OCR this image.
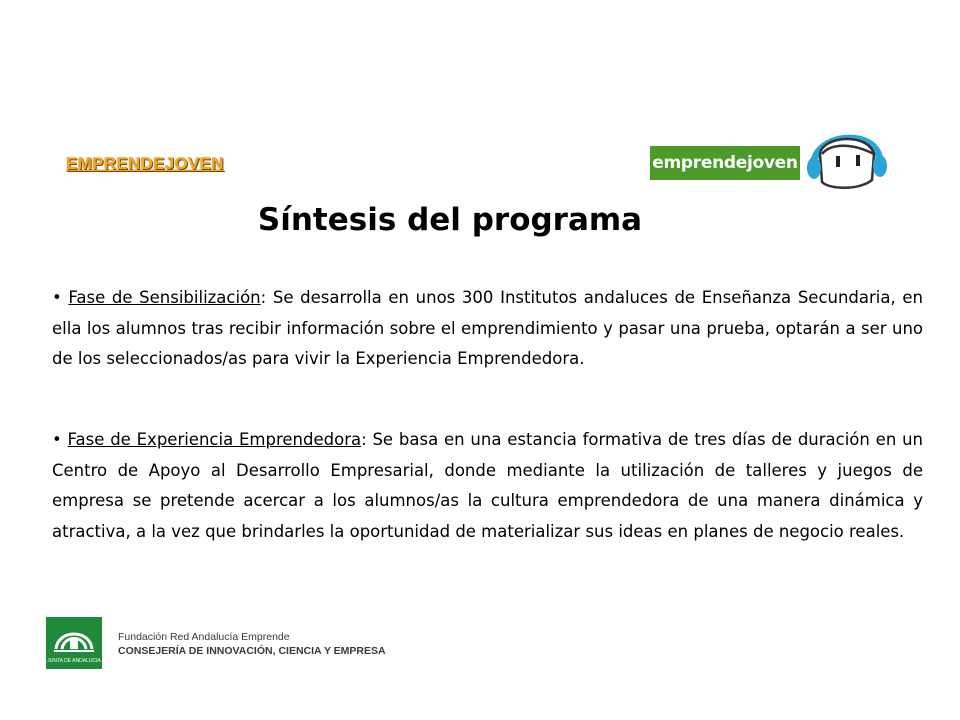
EMPRENDEJOVEN	emprendejoven
Síntesis del programa

• Fase de Sensibilización: Se desarrolla en unos 300 Institutos andaluces de Enseñanza Secundaria, en ella los alumnos tras recibir información sobre el emprendimiento y pasar una prueba, optarán a ser uno de los seleccionados/as para vivir la Experiencia Emprendedora.

• Fase de Experiencia Emprendedora: Se basa en una estancia formativa de tres días de duración en un Centro de Apoyo al Desarrollo Empresarial, donde mediante la utilización de talleres y juegos de empresa se pretende acercar a los alumnos/as la cultura emprendedora de una manera dinámica y atractiva, a la vez que brindarles la oportunidad de materializar sus ideas en planes de negocio reales.

JUNTA DE ANDALUCIA
Fundación Red Andalucía Emprende
CONSEJERÍA DE INNOVACIÓN, CIENCIA Y EMPRESA
